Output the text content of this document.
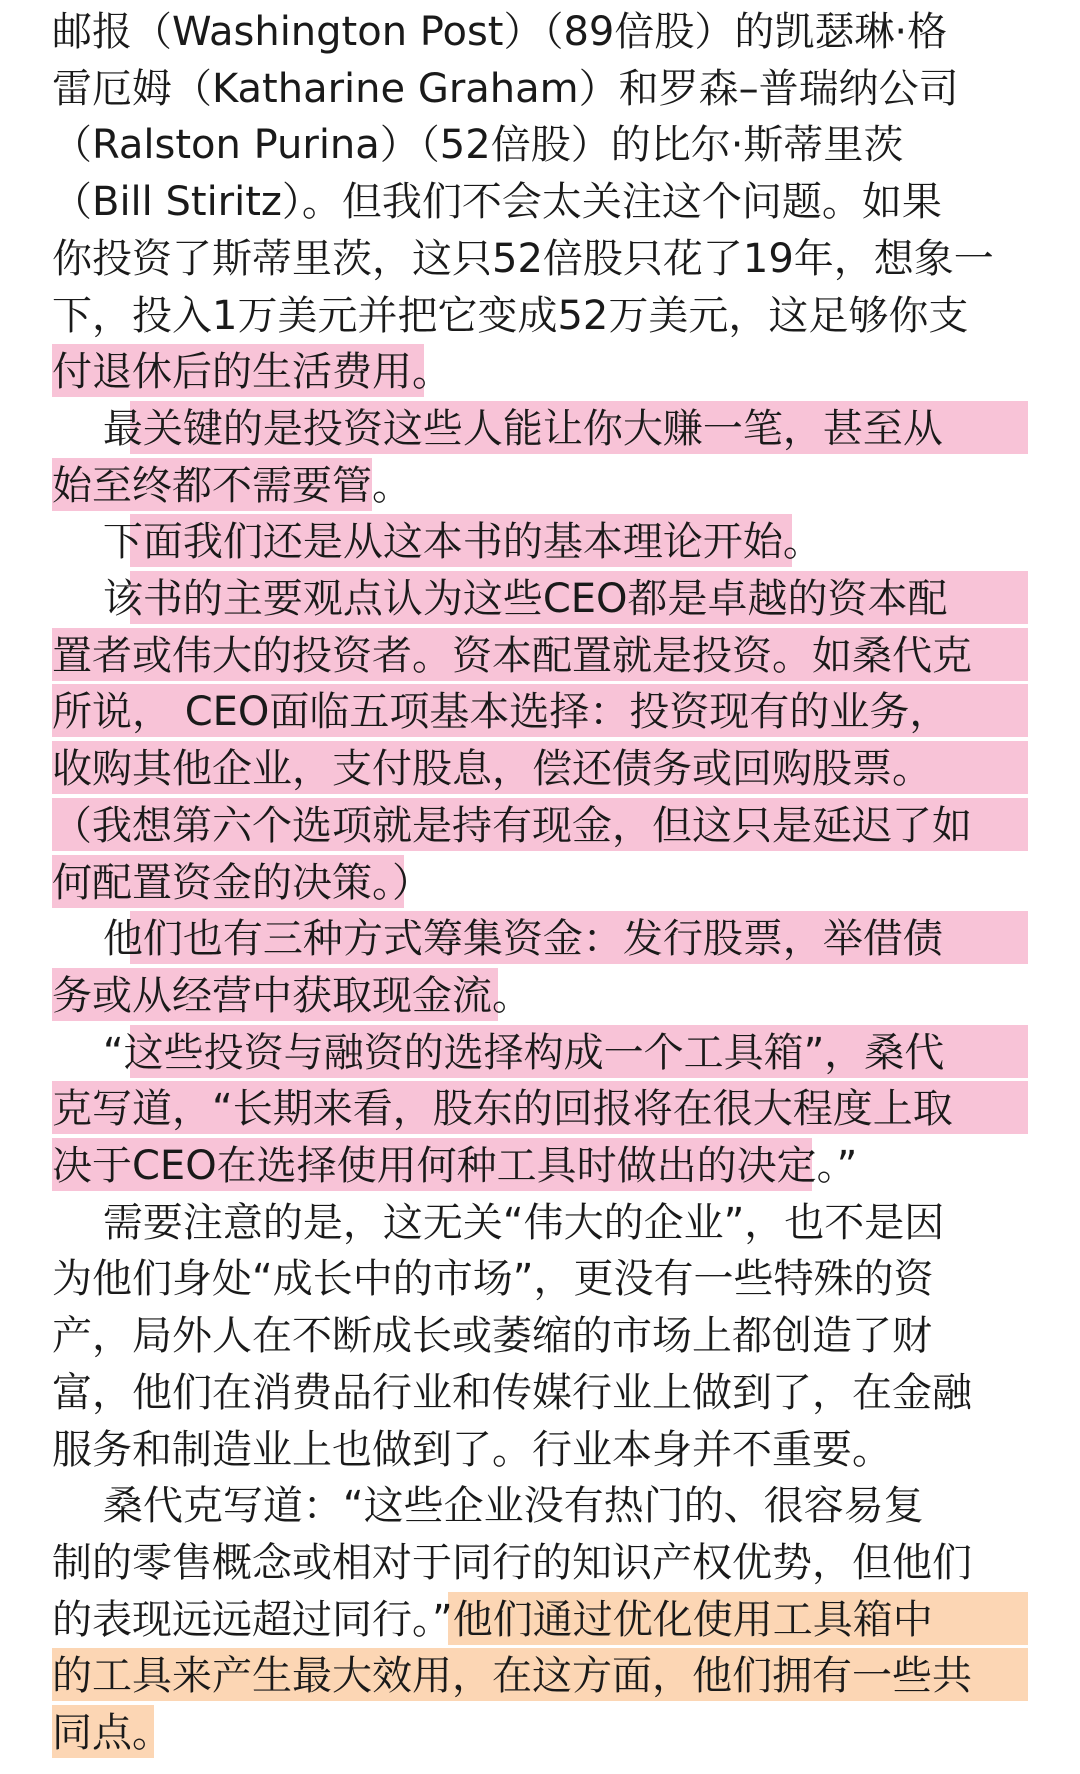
邮报（Washington Post）（89倍股）的凯瑟琳·格
雷厄姆（Katharine Graham）和罗森–普瑞纳公司
（Ralston Purina）（52倍股）的比尔·斯蒂里茨
（Bill Stiritz）。但我们不会太关注这个问题。如果
你投资了斯蒂里茨，这只52倍股只花了19年，想象一
下，投入1万美元并把它变成52万美元，这足够你支
付退休后的生活费用。
最关键的是投资这些人能让你大赚一笔，甚至从
始至终都不需要管。
下面我们还是从这本书的基本理论开始。
该书的主要观点认为这些CEO都是卓越的资本配
置者或伟大的投资者。资本配置就是投资。如桑代克
所说， CEO面临五项基本选择：投资现有的业务，
收购其他企业，支付股息，偿还债务或回购股票。
（我想第六个选项就是持有现金，但这只是延迟了如
何配置资金的决策。）
他们也有三种方式筹集资金：发行股票，举借债
务或从经营中获取现金流。
“这些投资与融资的选择构成一个工具箱”，桑代
克写道，“长期来看，股东的回报将在很大程度上取
决于CEO在选择使用何种工具时做出的决定。”
需要注意的是，这无关“伟大的企业”，也不是因
为他们身处“成长中的市场”，更没有一些特殊的资
产，局外人在不断成长或萎缩的市场上都创造了财
富，他们在消费品行业和传媒行业上做到了，在金融
服务和制造业上也做到了。行业本身并不重要。
桑代克写道：“这些企业没有热门的、很容易复
制的零售概念或相对于同行的知识产权优势，但他们
的表现远远超过同行。”他们通过优化使用工具箱中
的工具来产生最大效用，在这方面，他们拥有一些共
同点。
